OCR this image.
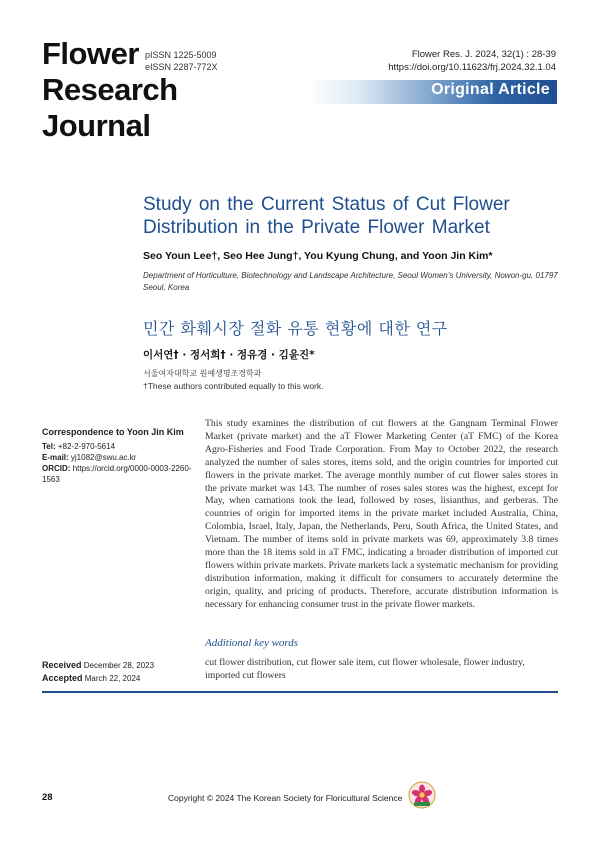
Flower
Research
Journal
pISSN 1225-5009
eISSN 2287-772X
Flower Res. J. 2024, 32(1) : 28-39
https://doi.org/10.11623/frj.2024.32.1.04
Original Article
Study on the Current Status of Cut Flower
Distribution in the Private Flower Market
Seo Youn Lee†, Seo Hee Jung†, You Kyung Chung, and Yoon Jin Kim*
Department of Horticulture, Biotechnology and Landscape Architecture, Seoul Women’s University, Nowon-gu, 01797 Seoul, Korea
민간 화훼시장 절화 유통 현황에 대한 연구
이서연† · 정서희† · 정유경 · 김윤진*
서울여자대학교 원예생명조경학과
†These authors contributed equally to this work.
Correspondence to Yoon Jin Kim
Tel: +82-2-970-5614
E-mail: yj1082@swu.ac.kr
ORCID: https://orcid.org/0000-0003-2260-1563
This study examines the distribution of cut flowers at the Gangnam Terminal Flower Market (private market) and the aT Flower Marketing Center (aT FMC) of the Korea Agro-Fisheries and Food Trade Corporation. From May to October 2022, the research analyzed the number of sales stores, items sold, and the origin countries for imported cut flowers in the private market. The average monthly number of cut flower sales stores in the private market was 143. The number of roses sales stores was the highest, except for May, when carnations took the lead, followed by roses, lisianthus, and gerberas. The countries of origin for imported items in the private market included Australia, China, Colombia, Israel, Italy, Japan, the Netherlands, Peru, South Africa, the United States, and Vietnam. The number of items sold in private markets was 69, approximately 3.8 times more than the 18 items sold in aT FMC, indicating a broader distribution of imported cut flowers within private markets. Private markets lack a systematic mechanism for providing distribution information, making it difficult for consumers to accurately determine the origin, quality, and pricing of products. Therefore, accurate distribution information is necessary for enhancing consumer trust in the private flower markets.
Additional key words
cut flower distribution, cut flower sale item, cut flower wholesale, flower industry, imported cut flowers
Received December 28, 2023
Accepted March 22, 2024
28	Copyright © 2024 The Korean Society for Floricultural Science
